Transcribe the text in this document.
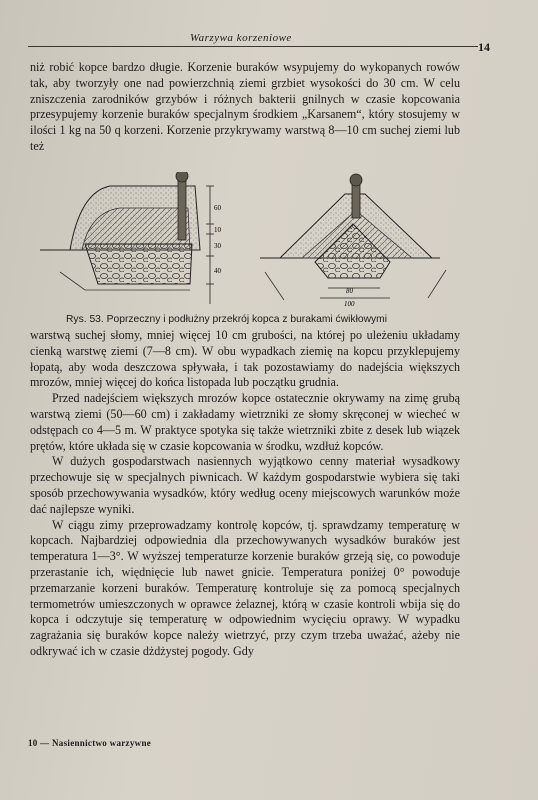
Warzywa korzeniowe
14

niż robić kopce bardzo długie. Korzenie buraków wsypujemy do wykopanych rowów tak, aby tworzyły one nad powierzchnią ziemi grzbiet wysokości do 30 cm. W celu zniszczenia zarodników grzybów i różnych bakterii gnilnych w czasie kopcowania przesypujemy korzenie buraków specjalnym środkiem „Karsanem“, który stosujemy w ilości 1 kg na 50 q korzeni. Korzenie przykrywamy warstwą 8—10 cm suchej ziemi lub też

60
10
30
40
80
100
Rys. 53. Poprzeczny i podłużny przekrój kopca z burakami ćwikłowymi

warstwą suchej słomy, mniej więcej 10 cm grubości, na której po uleżeniu układamy cienką warstwę ziemi (7—8 cm). W obu wypadkach ziemię na kopcu przyklepujemy łopatą, aby woda deszczowa spływała, i tak pozostawiamy do nadejścia większych mrozów, mniej więcej do końca listopada lub początku grudnia.

Przed nadejściem większych mrozów kopce ostatecznie okrywamy na zimę grubą warstwą ziemi (50—60 cm) i zakładamy wietrzniki ze słomy skręconej w wiecheć w odstępach co 4—5 m. W praktyce spotyka się także wietrzniki zbite z desek lub wiązek prętów, które układa się w czasie kopcowania w środku, wzdłuż kopców.

W dużych gospodarstwach nasiennych wyjątkowo cenny materiał wysadkowy przechowuje się w specjalnych piwnicach. W każdym gospodarstwie wybiera się taki sposób przechowywania wysadków, który według oceny miejscowych warunków może dać najlepsze wyniki.

W ciągu zimy przeprowadzamy kontrolę kopców, tj. sprawdzamy temperaturę w kopcach. Najbardziej odpowiednia dla przechowywanych wysadków buraków jest temperatura 1—3°. W wyższej temperaturze korzenie buraków grzeją się, co powoduje przerastanie ich, więdnięcie lub nawet gnicie. Temperatura poniżej 0° powoduje przemarzanie korzeni buraków. Temperaturę kontroluje się za pomocą specjalnych termometrów umieszczonych w oprawce żelaznej, którą w czasie kontroli wbija się do kopca i odczytuje się temperaturę w odpowiednim wycięciu oprawy. W wypadku zagrażania się buraków kopce należy wietrzyć, przy czym trzeba uważać, ażeby nie odkrywać ich w czasie dżdżystej pogody. Gdy

10 — Nasiennictwo warzywne
